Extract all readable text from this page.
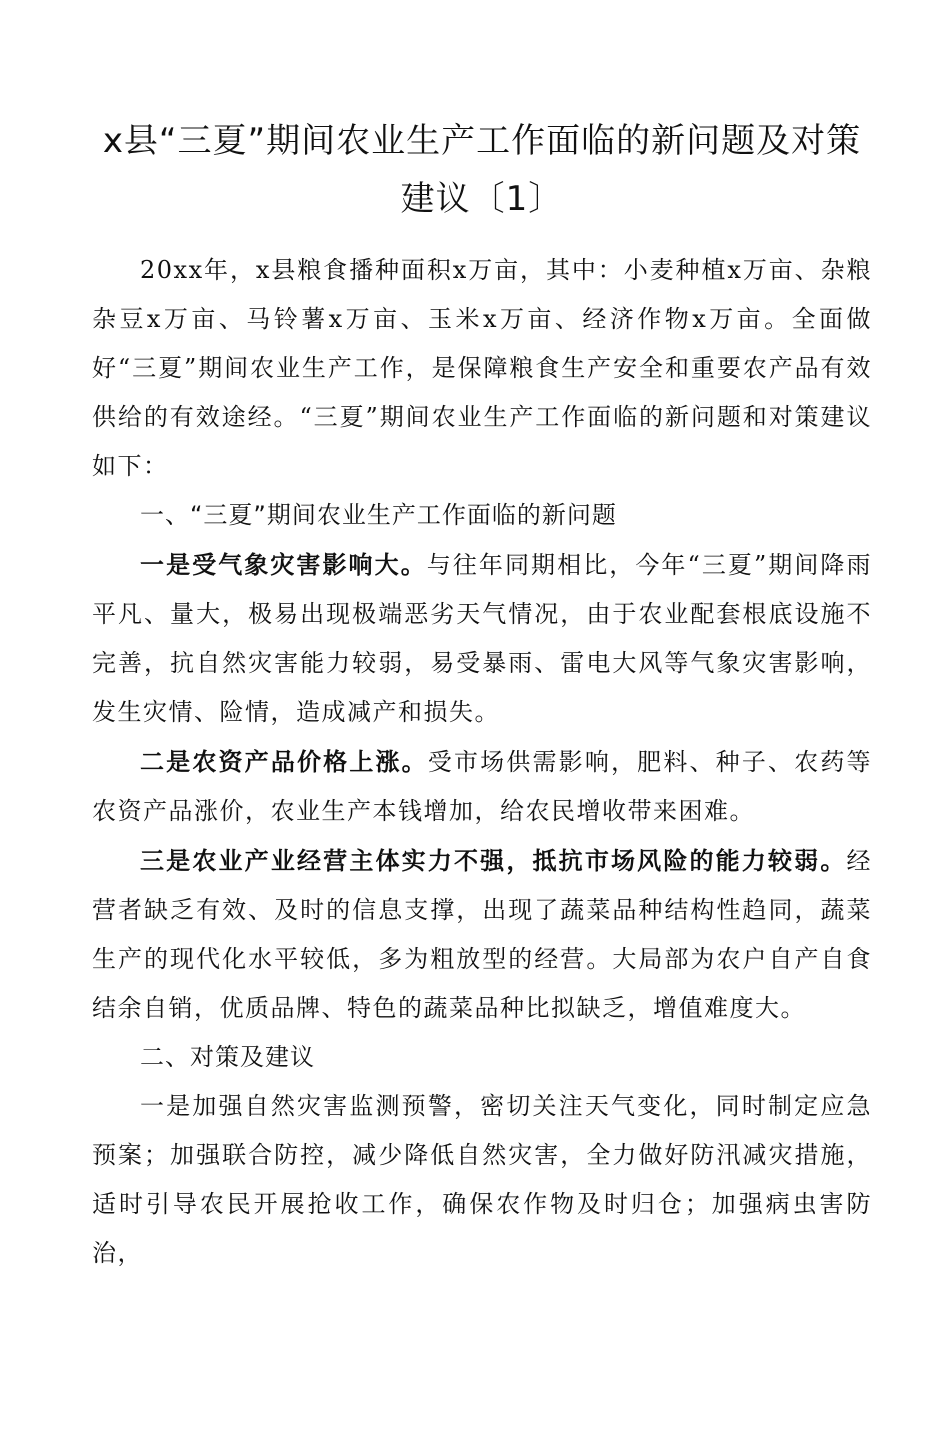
x县“三夏”期间农业生产工作面临的新问题及对策建议〔1〕

20xx年，x县粮食播种面积x万亩，其中：小麦种植x万亩、杂粮杂豆x万亩、马铃薯x万亩、玉米x万亩、经济作物x万亩。全面做好“三夏”期间农业生产工作，是保障粮食生产安全和重要农产品有效供给的有效途经。“三夏”期间农业生产工作面临的新问题和对策建议如下：

一、“三夏”期间农业生产工作面临的新问题

一是受气象灾害影响大。与往年同期相比，今年“三夏”期间降雨平凡、量大，极易出现极端恶劣天气情况，由于农业配套根底设施不完善，抗自然灾害能力较弱，易受暴雨、雷电大风等气象灾害影响，发生灾情、险情，造成减产和损失。

二是农资产品价格上涨。受市场供需影响，肥料、种子、农药等农资产品涨价，农业生产本钱增加，给农民增收带来困难。

三是农业产业经营主体实力不强，抵抗市场风险的能力较弱。经营者缺乏有效、及时的信息支撑，出现了蔬菜品种结构性趋同，蔬菜生产的现代化水平较低，多为粗放型的经营。大局部为农户自产自食结余自销，优质品牌、特色的蔬菜品种比拟缺乏，增值难度大。

二、对策及建议

一是加强自然灾害监测预警，密切关注天气变化，同时制定应急预案；加强联合防控，减少降低自然灾害，全力做好防汛减灾措施，适时引导农民开展抢收工作，确保农作物及时归仓；加强病虫害防治，
